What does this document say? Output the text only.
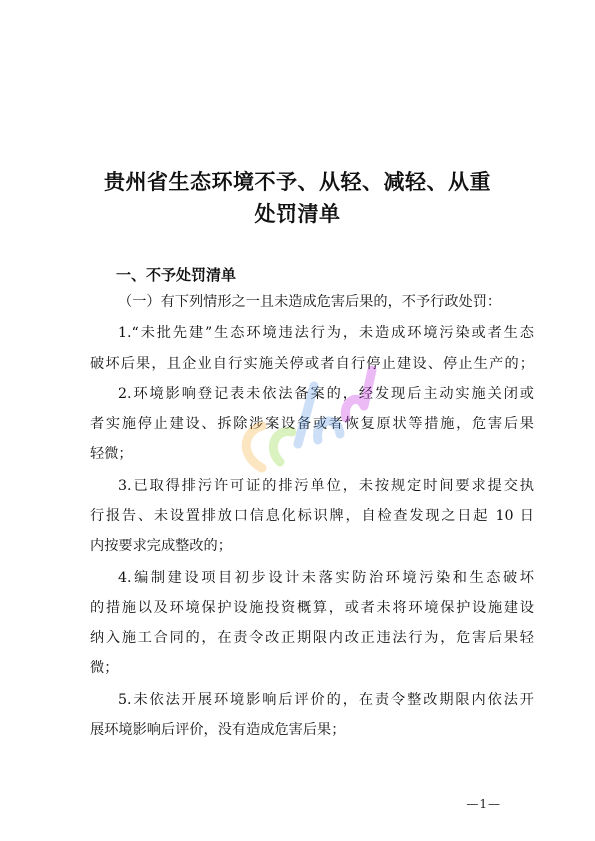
贵州省生态环境不予、从轻、减轻、从重
处罚清单
一、不予处罚清单
（一）有下列情形之一且未造成危害后果的，不予行政处罚：
1.“未批先建”生态环境违法行为，未造成环境污染或者生态
破坏后果，且企业自行实施关停或者自行停止建设、停止生产的；
2.环境影响登记表未依法备案的，经发现后主动实施关闭或
者实施停止建设、拆除涉案设备或者恢复原状等措施，危害后果
轻微；
3.已取得排污许可证的排污单位，未按规定时间要求提交执
行报告、未设置排放口信息化标识牌，自检查发现之日起 10 日
内按要求完成整改的；
4.编制建设项目初步设计未落实防治环境污染和生态破坏
的措施以及环境保护设施投资概算，或者未将环境保护设施建设
纳入施工合同的，在责令改正期限内改正违法行为，危害后果轻
微；
5.未依法开展环境影响后评价的，在责令整改期限内依法开
展环境影响后评价，没有造成危害后果；
—1—
